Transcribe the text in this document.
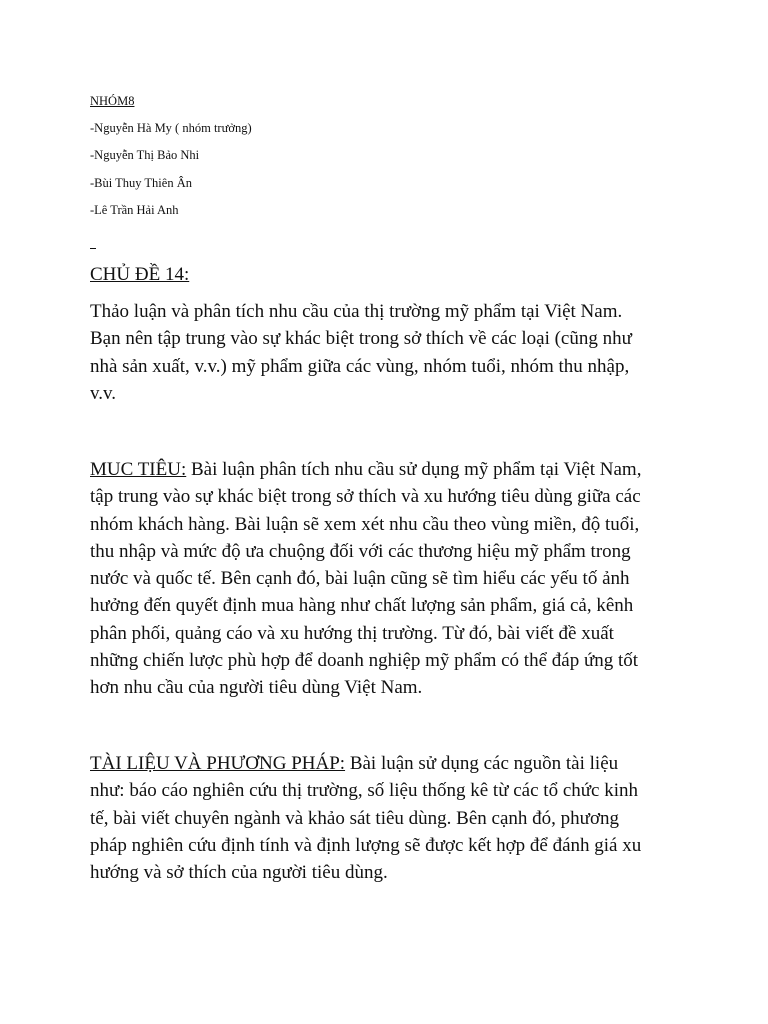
NHÓM8
-Nguyễn Hà My ( nhóm trưởng)
-Nguyễn Thị Bảo Nhi
-Bùi Thuy Thiên Ân
-Lê Trần Hải Anh
CHỦ ĐỀ 14:
Thảo luận và phân tích nhu cầu của thị trường mỹ phẩm tại Việt Nam.
Bạn nên tập trung vào sự khác biệt trong sở thích về các loại (cũng như
nhà sản xuất, v.v.) mỹ phẩm giữa các vùng, nhóm tuổi, nhóm thu nhập,
v.v.
MUC TIÊU: Bài luận phân tích nhu cầu sử dụng mỹ phẩm tại Việt Nam,
tập trung vào sự khác biệt trong sở thích và xu hướng tiêu dùng giữa các
nhóm khách hàng. Bài luận sẽ xem xét nhu cầu theo vùng miền, độ tuổi,
thu nhập và mức độ ưa chuộng đối với các thương hiệu mỹ phẩm trong
nước và quốc tế. Bên cạnh đó, bài luận cũng sẽ tìm hiểu các yếu tố ảnh
hưởng đến quyết định mua hàng như chất lượng sản phẩm, giá cả, kênh
phân phối, quảng cáo và xu hướng thị trường. Từ đó, bài viết đề xuất
những chiến lược phù hợp để doanh nghiệp mỹ phẩm có thể đáp ứng tốt
hơn nhu cầu của người tiêu dùng Việt Nam.
TÀI LIỆU VÀ PHƯƠNG PHÁP: Bài luận sử dụng các nguồn tài liệu
như: báo cáo nghiên cứu thị trường, số liệu thống kê từ các tổ chức kinh
tế, bài viết chuyên ngành và khảo sát tiêu dùng. Bên cạnh đó, phương
pháp nghiên cứu định tính và định lượng sẽ được kết hợp để đánh giá xu
hướng và sở thích của người tiêu dùng.
